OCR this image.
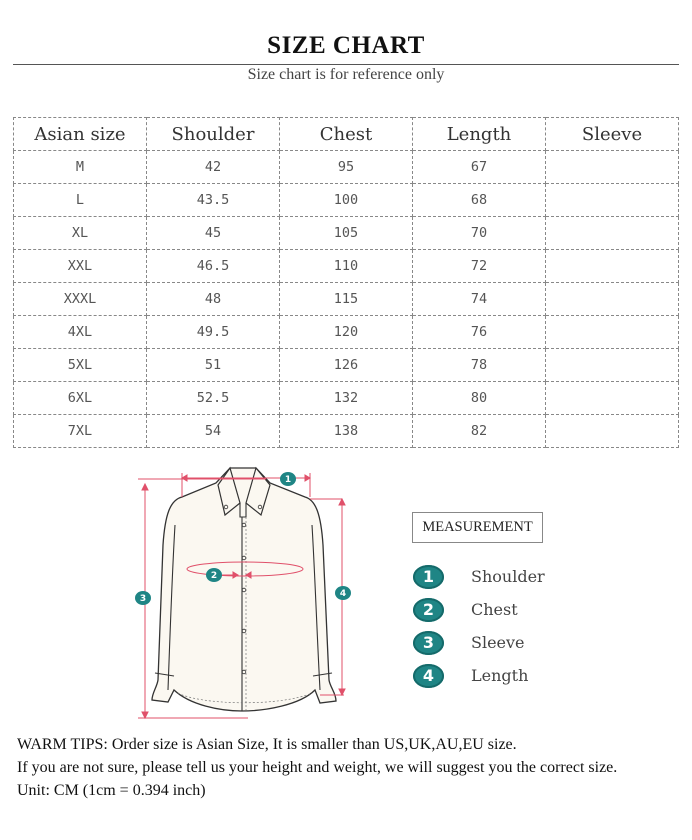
SIZE CHART
Size chart is for reference only
Asian size	Shoulder	Chest	Length	Sleeve
M	42	95	67	
L	43.5	100	68	
XL	45	105	70	
XXL	46.5	110	72	
XXXL	48	115	74	
4XL	49.5	120	76	
5XL	51	126	78	
6XL	52.5	132	80	
7XL	54	138	82	
1
2
3	4
MEASUREMENT
1	Shoulder
2	Chest
3	Sleeve
4	Length

WARM TIPS: Order size is Asian Size, It is smaller than US,UK,AU,EU size.

If you are not sure, please tell us your height and weight, we will suggest you the correct size.

Unit: CM (1cm = 0.394 inch)
